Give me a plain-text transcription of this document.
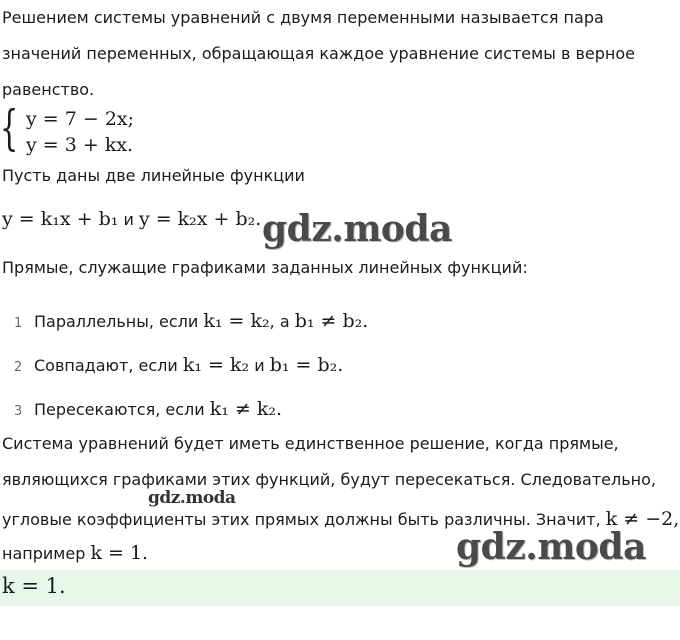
Решением системы уравнений с двумя переменными называется пара
значений переменных, обращающая каждое уравнение системы в верное
равенство.
{ y = 7 − 2x;
y = 3 + kx.
Пусть даны две линейные функции
y = k₁x + b₁ и y = k₂x + b₂.
Прямые, служащие графиками заданных линейных функций:
1 Параллельны, если k₁ = k₂, а b₁ ≠ b₂.
2 Совпадают, если k₁ = k₂ и b₁ = b₂.
3 Пересекаются, если k₁ ≠ k₂.
Система уравнений будет иметь единственное решение, когда прямые,
являющихся графиками этих функций, будут пересекаться. Следовательно,
угловые коэффициенты этих прямых должны быть различны. Значит, k ≠ −2,
например k = 1.
k = 1.
gdz.moda
gdz.moda
gdz.moda
